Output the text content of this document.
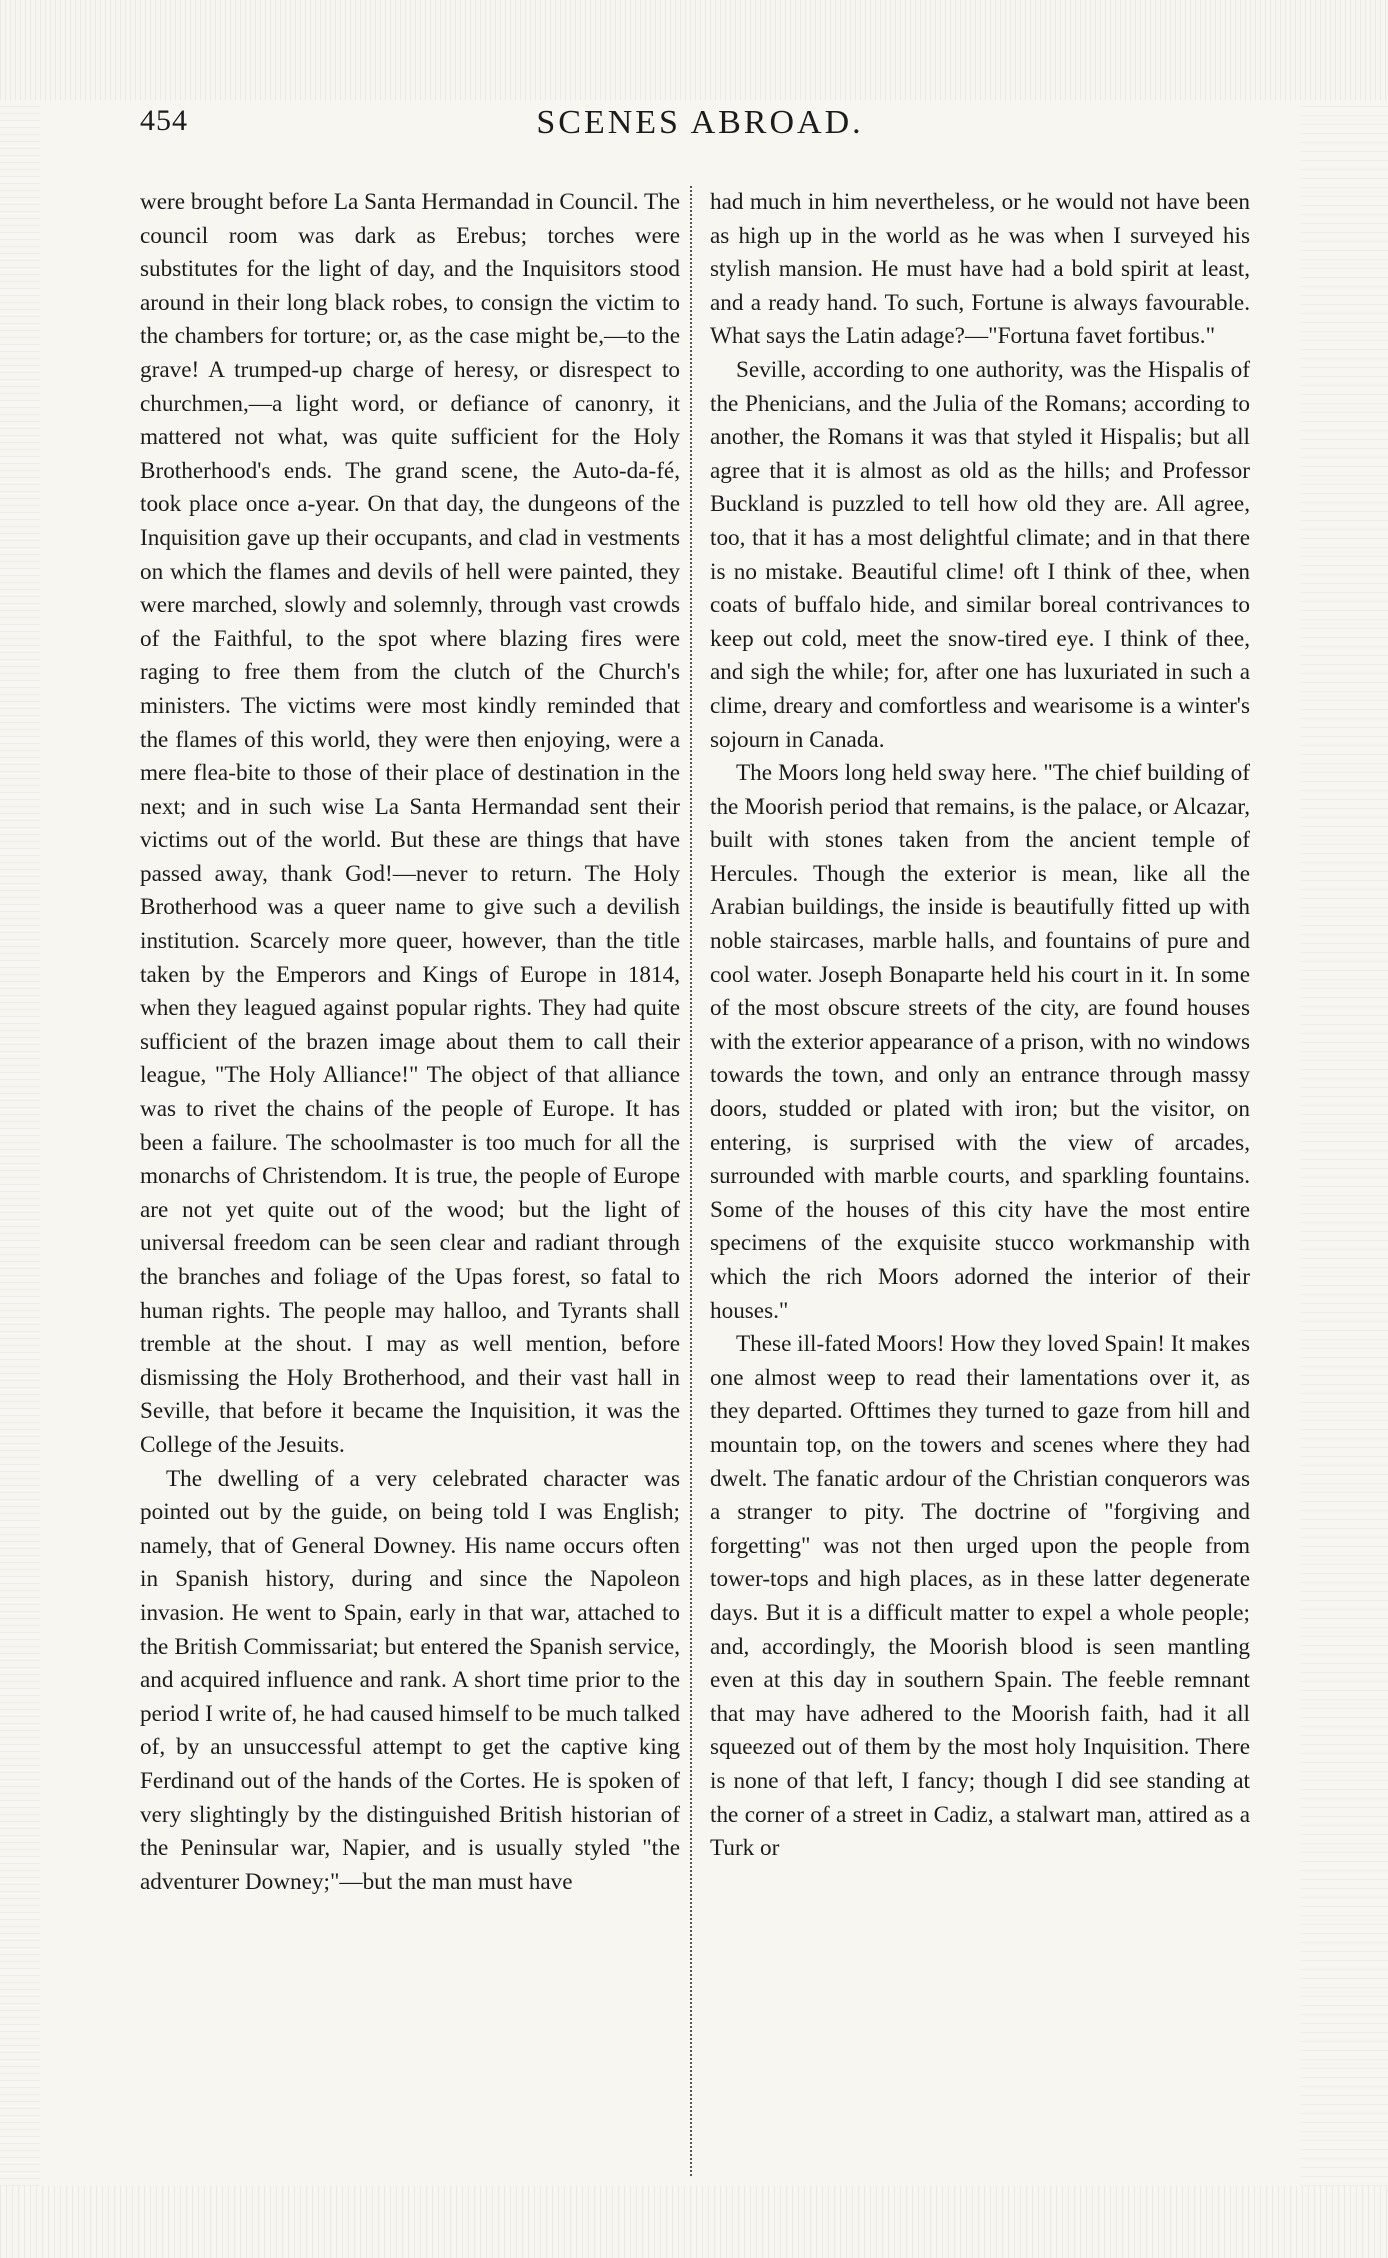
454	SCENES ABROAD.

were brought before La Santa Hermandad in Council. The council room was dark as Erebus; torches were substitutes for the light of day, and the Inquisitors stood around in their long black robes, to consign the victim to the chambers for torture; or, as the case might be,—to the grave! A trumped-up charge of heresy, or disrespect to churchmen,—a light word, or defiance of canonry, it mattered not what, was quite sufficient for the Holy Brotherhood's ends. The grand scene, the Auto-da-fé, took place once a-year. On that day, the dungeons of the Inquisition gave up their occupants, and clad in vestments on which the flames and devils of hell were painted, they were marched, slowly and solemnly, through vast crowds of the Faithful, to the spot where blazing fires were raging to free them from the clutch of the Church's ministers. The victims were most kindly reminded that the flames of this world, they were then enjoying, were a mere flea-bite to those of their place of destination in the next; and in such wise La Santa Hermandad sent their victims out of the world. But these are things that have passed away, thank God!—never to return. The Holy Brotherhood was a queer name to give such a devilish institution. Scarcely more queer, however, than the title taken by the Emperors and Kings of Europe in 1814, when they leagued against popular rights. They had quite sufficient of the brazen image about them to call their league, "The Holy Alliance!" The object of that alliance was to rivet the chains of the people of Europe. It has been a failure. The schoolmaster is too much for all the monarchs of Christendom. It is true, the people of Europe are not yet quite out of the wood; but the light of universal freedom can be seen clear and radiant through the branches and foliage of the Upas forest, so fatal to human rights. The people may halloo, and Tyrants shall tremble at the shout. I may as well mention, before dismissing the Holy Brotherhood, and their vast hall in Seville, that before it became the Inquisition, it was the College of the Jesuits.

The dwelling of a very celebrated character was pointed out by the guide, on being told I was English; namely, that of General Downey. His name occurs often in Spanish history, during and since the Napoleon invasion. He went to Spain, early in that war, attached to the British Commissariat; but entered the Spanish service, and acquired influence and rank. A short time prior to the period I write of, he had caused himself to be much talked of, by an unsuccessful attempt to get the captive king Ferdinand out of the hands of the Cortes. He is spoken of very slightingly by the distinguished British historian of the Peninsular war, Napier, and is usually styled "the adventurer Downey;"—but the man must have

had much in him nevertheless, or he would not have been as high up in the world as he was when I surveyed his stylish mansion. He must have had a bold spirit at least, and a ready hand. To such, Fortune is always favourable. What says the Latin adage?—"Fortuna favet fortibus."

Seville, according to one authority, was the Hispalis of the Phenicians, and the Julia of the Romans; according to another, the Romans it was that styled it Hispalis; but all agree that it is almost as old as the hills; and Professor Buckland is puzzled to tell how old they are. All agree, too, that it has a most delightful climate; and in that there is no mistake. Beautiful clime! oft I think of thee, when coats of buffalo hide, and similar boreal contrivances to keep out cold, meet the snow-tired eye. I think of thee, and sigh the while; for, after one has luxuriated in such a clime, dreary and comfortless and wearisome is a winter's sojourn in Canada.

The Moors long held sway here. "The chief building of the Moorish period that remains, is the palace, or Alcazar, built with stones taken from the ancient temple of Hercules. Though the exterior is mean, like all the Arabian buildings, the inside is beautifully fitted up with noble staircases, marble halls, and fountains of pure and cool water. Joseph Bonaparte held his court in it. In some of the most obscure streets of the city, are found houses with the exterior appearance of a prison, with no windows towards the town, and only an entrance through massy doors, studded or plated with iron; but the visitor, on entering, is surprised with the view of arcades, surrounded with marble courts, and sparkling fountains. Some of the houses of this city have the most entire specimens of the exquisite stucco workmanship with which the rich Moors adorned the interior of their houses."

These ill-fated Moors! How they loved Spain! It makes one almost weep to read their lamentations over it, as they departed. Ofttimes they turned to gaze from hill and mountain top, on the towers and scenes where they had dwelt. The fanatic ardour of the Christian conquerors was a stranger to pity. The doctrine of "forgiving and forgetting" was not then urged upon the people from tower-tops and high places, as in these latter degenerate days. But it is a difficult matter to expel a whole people; and, accordingly, the Moorish blood is seen mantling even at this day in southern Spain. The feeble remnant that may have adhered to the Moorish faith, had it all squeezed out of them by the most holy Inquisition. There is none of that left, I fancy; though I did see standing at the corner of a street in Cadiz, a stalwart man, attired as a Turk or
